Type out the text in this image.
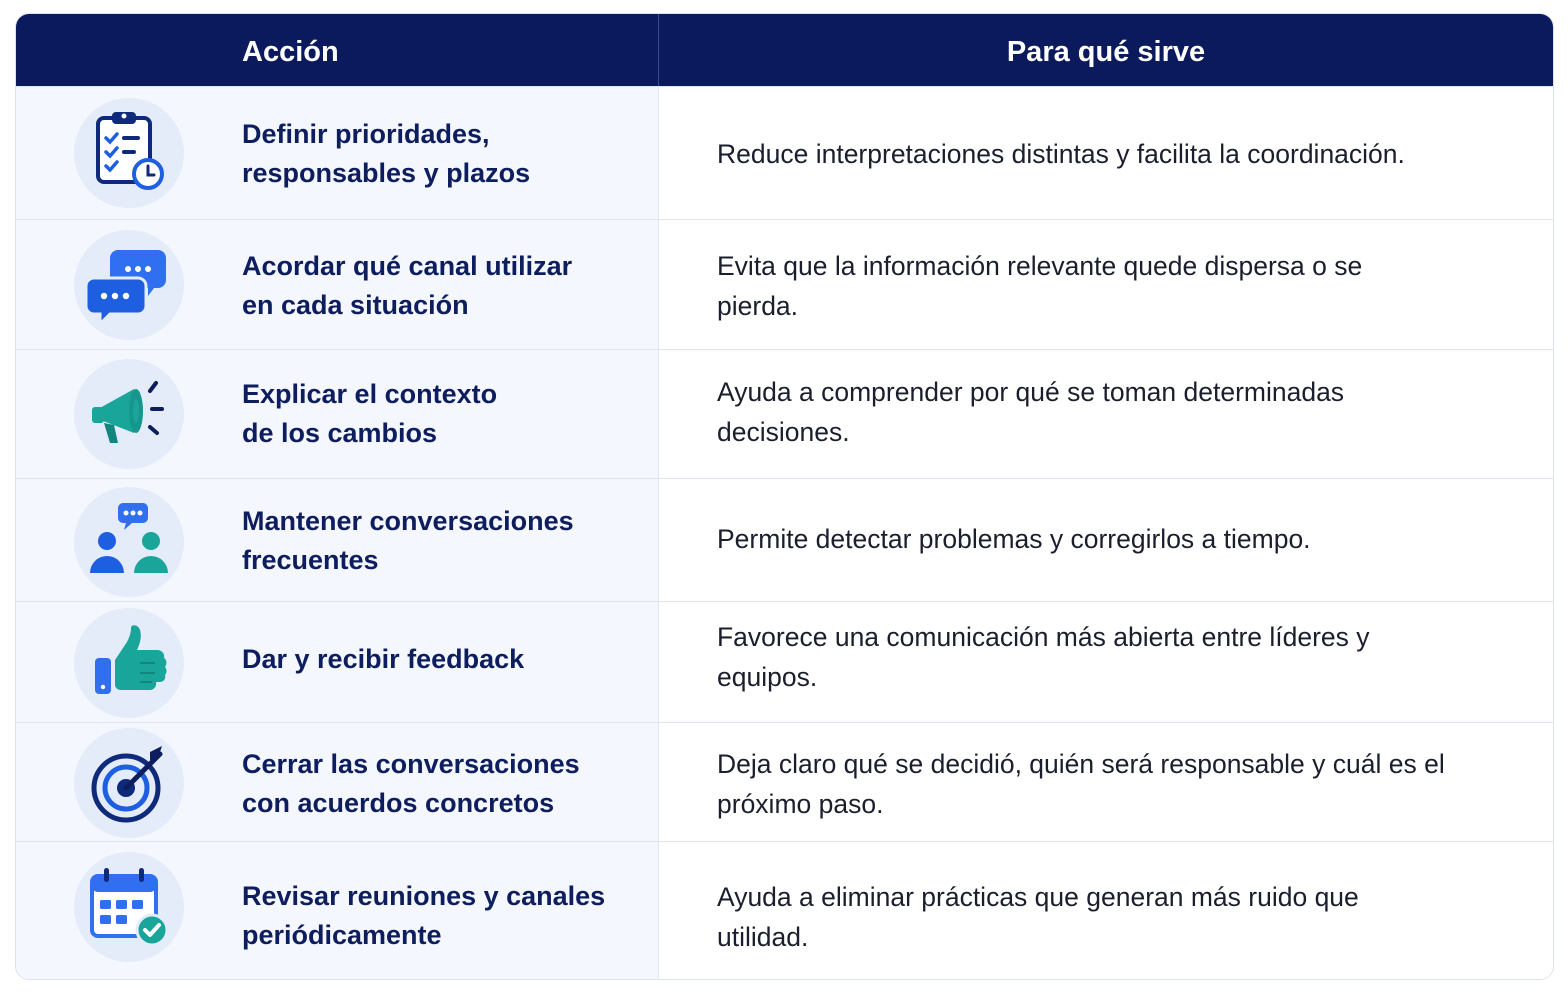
Acción	Para qué sirve
Definir prioridades,
responsables y plazos
Reduce interpretaciones distintas y facilita la coordinación.
Acordar qué canal utilizar
en cada situación
Evita que la información relevante quede dispersa o se pierda.
Explicar el contexto
de los cambios
Ayuda a comprender por qué se toman determinadas decisiones.
Mantener conversaciones
frecuentes
Permite detectar problemas y corregirlos a tiempo.
Dar y recibir feedback
Favorece una comunicación más abierta entre líderes y equipos.
Cerrar las conversaciones
con acuerdos concretos
Deja claro qué se decidió, quién será responsable y cuál es el próximo paso.
Revisar reuniones y canales
periódicamente
Ayuda a eliminar prácticas que generan más ruido que utilidad.
